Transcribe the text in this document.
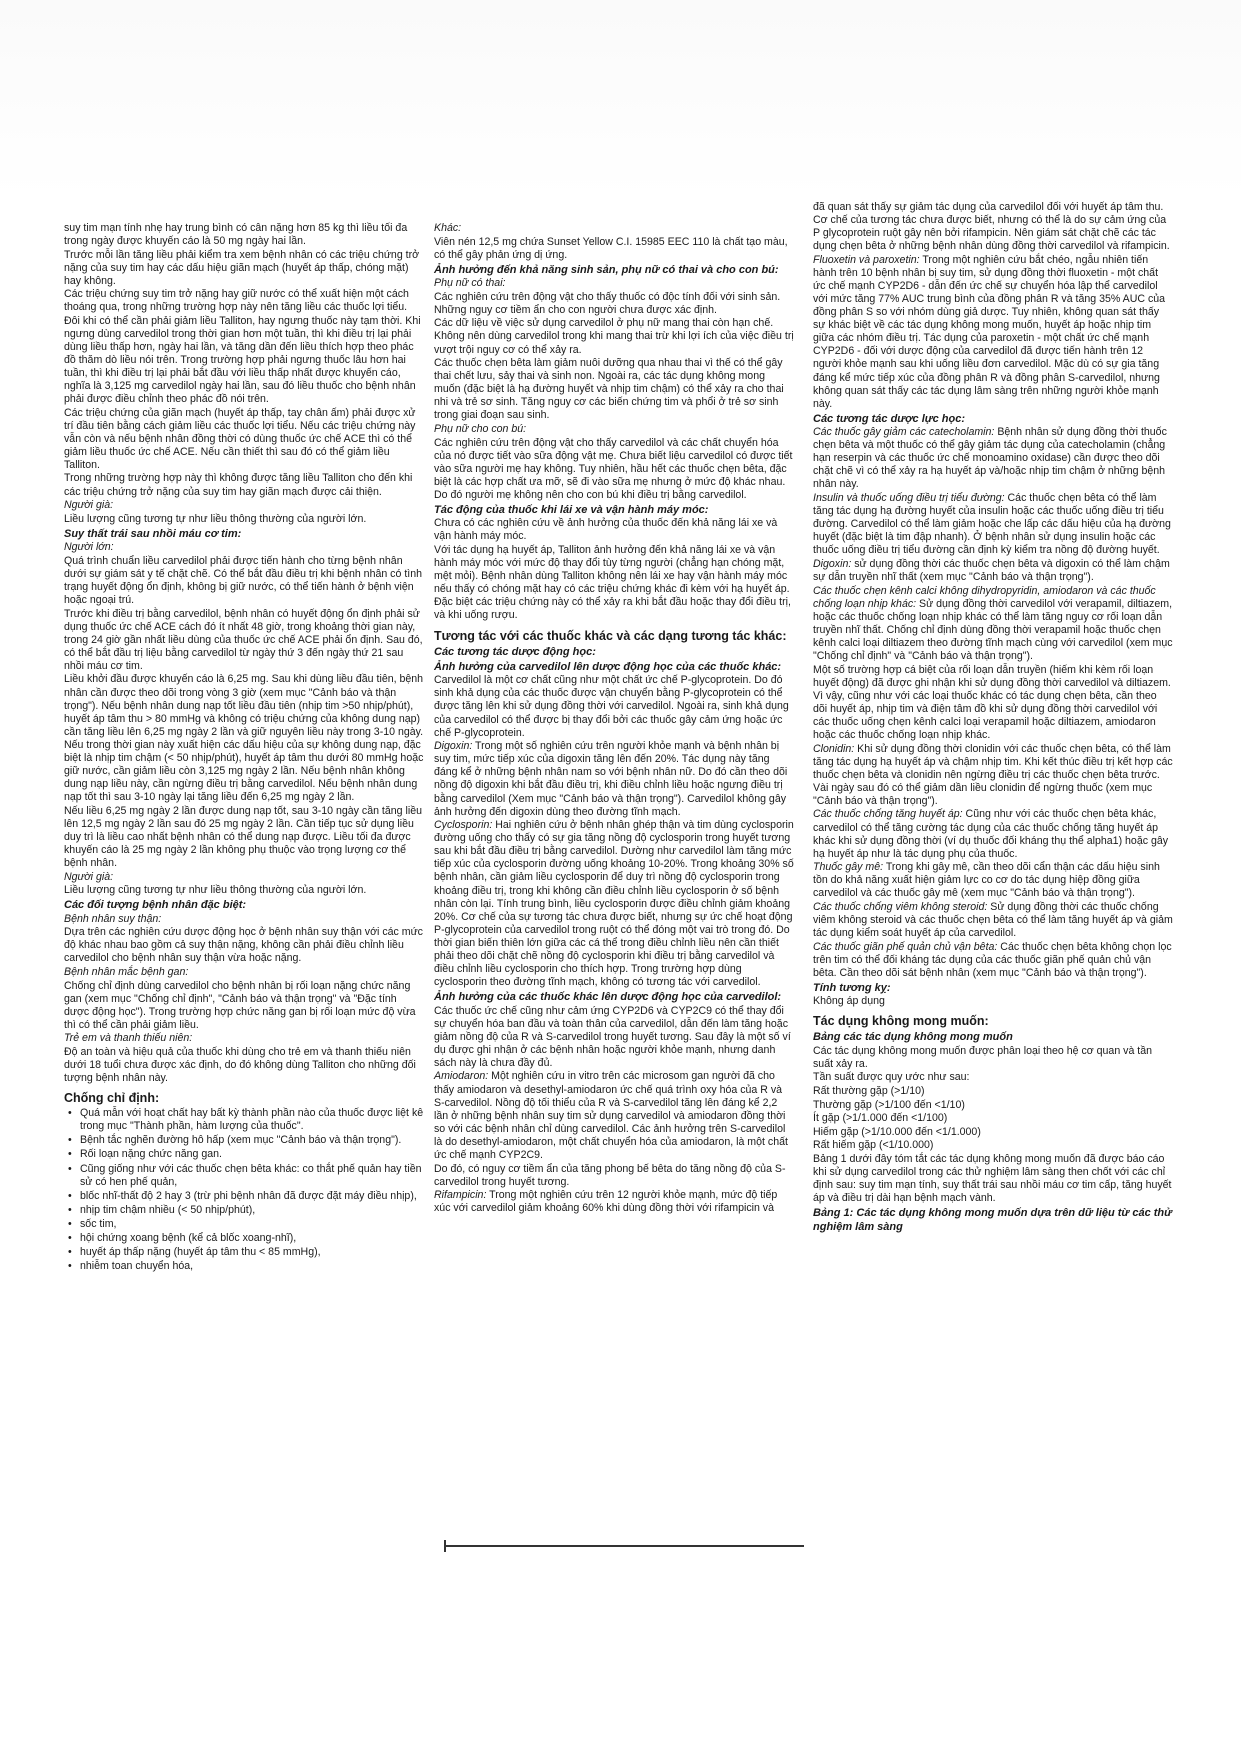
suy tim mạn tính nhẹ hay trung bình có cân nặng hơn 85 kg thì liều tối đa trong ngày được khuyến cáo là 50 mg ngày hai lần.

Trước mỗi lần tăng liều phải kiểm tra xem bệnh nhân có các triệu chứng trở nặng của suy tim hay các dấu hiệu giãn mạch (huyết áp thấp, chóng mặt) hay không.

Các triệu chứng suy tim trở nặng hay giữ nước có thể xuất hiện một cách thoáng qua, trong những trường hợp này nên tăng liều các thuốc lợi tiểu. Đôi khi có thể cần phải giảm liều Talliton, hay ngưng thuốc này tạm thời. Khi ngưng dùng carvedilol trong thời gian hơn một tuần, thì khi điều trị lại phải dùng liều thấp hơn, ngày hai lần, và tăng dần đến liều thích hợp theo phác đồ thăm dò liều nói trên. Trong trường hợp phải ngưng thuốc lâu hơn hai tuần, thì khi điều trị lại phải bắt đầu với liều thấp nhất được khuyến cáo, nghĩa là 3,125 mg carvedilol ngày hai lần, sau đó liều thuốc cho bệnh nhân phải được điều chỉnh theo phác đồ nói trên.

Các triệu chứng của giãn mạch (huyết áp thấp, tay chân ấm) phải được xử trí đầu tiên bằng cách giảm liều các thuốc lợi tiểu. Nếu các triệu chứng này vẫn còn và nếu bệnh nhân đồng thời có dùng thuốc ức chế ACE thì có thể giảm liều thuốc ức chế ACE. Nếu cần thiết thì sau đó có thể giảm liều Talliton.

Trong những trường hợp này thì không được tăng liều Talliton cho đến khi các triệu chứng trở nặng của suy tim hay giãn mạch được cải thiện.

Người già:

Liều lượng cũng tương tự như liều thông thường của người lớn.

Suy thất trái sau nhồi máu cơ tim:

Người lớn:

Quá trình chuẩn liều carvedilol phải được tiến hành cho từng bệnh nhân dưới sự giám sát y tế chặt chẽ. Có thể bắt đầu điều trị khi bệnh nhân có tình trạng huyết động ổn định, không bị giữ nước, có thể tiến hành ở bệnh viện hoặc ngoại trú.

Trước khi điều trị bằng carvedilol, bệnh nhân có huyết động ổn định phải sử dụng thuốc ức chế ACE cách đó ít nhất 48 giờ, trong khoảng thời gian này, trong 24 giờ gần nhất liều dùng của thuốc ức chế ACE phải ổn định. Sau đó, có thể bắt đầu trị liệu bằng carvedilol từ ngày thứ 3 đến ngày thứ 21 sau nhồi máu cơ tim.

Liều khởi đầu được khuyến cáo là 6,25 mg. Sau khi dùng liều đầu tiên, bệnh nhân cần được theo dõi trong vòng 3 giờ (xem mục "Cảnh báo và thận trọng"). Nếu bệnh nhân dung nạp tốt liều đầu tiên (nhịp tim >50 nhịp/phút), huyết áp tâm thu > 80 mmHg và không có triệu chứng của không dung nạp) cần tăng liều lên 6,25 mg ngày 2 lần và giữ nguyên liều này trong 3-10 ngày. Nếu trong thời gian này xuất hiện các dấu hiệu của sự không dung nạp, đặc biệt là nhịp tim chậm (< 50 nhịp/phút), huyết áp tâm thu dưới 80 mmHg hoặc giữ nước, cần giảm liều còn 3,125 mg ngày 2 lần. Nếu bệnh nhân không dung nạp liều này, cần ngừng điều trị bằng carvedilol. Nếu bệnh nhân dung nạp tốt thì sau 3-10 ngày lại tăng liều đến 6,25 mg ngày 2 lần.

Nếu liều 6,25 mg ngày 2 lần được dung nạp tốt, sau 3-10 ngày cần tăng liều lên 12,5 mg ngày 2 lần sau đó 25 mg ngày 2 lần. Cần tiếp tục sử dụng liều duy trì là liều cao nhất bệnh nhân có thể dung nạp được. Liều tối đa được khuyến cáo là 25 mg ngày 2 lần không phụ thuộc vào trọng lượng cơ thể bệnh nhân.

Người già:

Liều lượng cũng tương tự như liều thông thường của người lớn.

Các đối tượng bệnh nhân đặc biệt:

Bệnh nhân suy thận:

Dựa trên các nghiên cứu dược động học ở bệnh nhân suy thận với các mức độ khác nhau bao gồm cả suy thận nặng, không cần phải điều chỉnh liều carvedilol cho bệnh nhân suy thận vừa hoặc nặng.

Bệnh nhân mắc bệnh gan:

Chống chỉ định dùng carvedilol cho bệnh nhân bị rối loạn nặng chức năng gan (xem mục "Chống chỉ định", "Cảnh báo và thận trọng" và "Đặc tính dược động học"). Trong trường hợp chức năng gan bị rối loạn mức độ vừa thì có thể cần phải giảm liều.

Trẻ em và thanh thiếu niên:

Độ an toàn và hiệu quả của thuốc khi dùng cho trẻ em và thanh thiếu niên dưới 18 tuổi chưa được xác định, do đó không dùng Talliton cho những đối tượng bệnh nhân này.

Chống chỉ định:
• Quá mẫn với hoạt chất hay bất kỳ thành phần nào của thuốc được liệt kê trong mục "Thành phần, hàm lượng của thuốc".
• Bệnh tắc nghẽn đường hô hấp (xem mục "Cảnh báo và thận trọng").
• Rối loạn nặng chức năng gan.
• Cũng giống như với các thuốc chẹn bêta khác: co thắt phế quản hay tiền sử có hen phế quản,
• blốc nhĩ-thất độ 2 hay 3 (trừ phi bệnh nhân đã được đặt máy điều nhịp),
• nhịp tim chậm nhiều (< 50 nhịp/phút),
• sốc tim,
• hội chứng xoang bệnh (kể cả blốc xoang-nhĩ),
• huyết áp thấp nặng (huyết áp tâm thu < 85 mmHg),
• nhiễm toan chuyển hóa,

Khác:

Viên nén 12,5 mg chứa Sunset Yellow C.I. 15985 EEC 110 là chất tạo màu, có thể gây phản ứng dị ứng.

Ảnh hưởng đến khả năng sinh sản, phụ nữ có thai và cho con bú:

Phụ nữ có thai:

Các nghiên cứu trên động vật cho thấy thuốc có độc tính đối với sinh sản. Những nguy cơ tiềm ẩn cho con người chưa được xác định.

Các dữ liệu về việc sử dụng carvedilol ở phụ nữ mang thai còn hạn chế. Không nên dùng carvedilol trong khi mang thai trừ khi lợi ích của việc điều trị vượt trội nguy cơ có thể xảy ra.

Các thuốc chẹn bêta làm giảm nuôi dưỡng qua nhau thai vì thế có thể gây thai chết lưu, sảy thai và sinh non. Ngoài ra, các tác dụng không mong muốn (đặc biệt là hạ đường huyết và nhịp tim chậm) có thể xảy ra cho thai nhi và trẻ sơ sinh. Tăng nguy cơ các biến chứng tim và phổi ở trẻ sơ sinh trong giai đoạn sau sinh.

Phụ nữ cho con bú:

Các nghiên cứu trên động vật cho thấy carvedilol và các chất chuyển hóa của nó được tiết vào sữa động vật mẹ. Chưa biết liệu carvedilol có được tiết vào sữa người mẹ hay không. Tuy nhiên, hầu hết các thuốc chẹn bêta, đặc biệt là các hợp chất ưa mỡ, sẽ đi vào sữa mẹ nhưng ở mức độ khác nhau. Do đó người mẹ không nên cho con bú khi điều trị bằng carvedilol.

Tác động của thuốc khi lái xe và vận hành máy móc:

Chưa có các nghiên cứu về ảnh hưởng của thuốc đến khả năng lái xe và vận hành máy móc.

Với tác dụng hạ huyết áp, Talliton ảnh hưởng đến khả năng lái xe và vận hành máy móc với mức độ thay đổi tùy từng người (chẳng hạn chóng mặt, mệt mỏi). Bệnh nhân dùng Talliton không nên lái xe hay vận hành máy móc nếu thấy có chóng mặt hay có các triệu chứng khác đi kèm với hạ huyết áp. Đặc biệt các triệu chứng này có thể xảy ra khi bắt đầu hoặc thay đổi điều trị, và khi uống rượu.

Tương tác với các thuốc khác và các dạng tương tác khác:
Các tương tác dược động học:
Ảnh hưởng của carvedilol lên dược động học của các thuốc khác:

Carvedilol là một cơ chất cũng như một chất ức chế P-glycoprotein. Do đó sinh khả dụng của các thuốc được vận chuyển bằng P-glycoprotein có thể được tăng lên khi sử dụng đồng thời với carvedilol. Ngoài ra, sinh khả dụng của carvedilol có thể được bị thay đổi bởi các thuốc gây cảm ứng hoặc ức chế P-glycoprotein.

Digoxin: Trong một số nghiên cứu trên người khỏe mạnh và bệnh nhân bị suy tim, mức tiếp xúc của digoxin tăng lên đến 20%. Tác dụng này tăng đáng kể ở những bệnh nhân nam so với bệnh nhân nữ. Do đó cần theo dõi nồng độ digoxin khi bắt đầu điều trị, khi điều chỉnh liều hoặc ngưng điều trị bằng carvedilol (Xem mục "Cảnh báo và thận trọng"). Carvedilol không gây ảnh hưởng đến digoxin dùng theo đường tĩnh mạch.

Cyclosporin: Hai nghiên cứu ở bệnh nhân ghép thận và tim dùng cyclosporin đường uống cho thấy có sự gia tăng nồng độ cyclosporin trong huyết tương sau khi bắt đầu điều trị bằng carvedilol. Dường như carvedilol làm tăng mức tiếp xúc của cyclosporin đường uống khoảng 10-20%. Trong khoảng 30% số bệnh nhân, cần giảm liều cyclosporin để duy trì nồng độ cyclosporin trong khoảng điều trị, trong khi không cần điều chỉnh liều cyclosporin ở số bệnh nhân còn lại. Tính trung bình, liều cyclosporin được điều chỉnh giảm khoảng 20%. Cơ chế của sự tương tác chưa được biết, nhưng sự ức chế hoạt động P-glycoprotein của carvedilol trong ruột có thể đóng một vai trò trong đó. Do thời gian biến thiên lớn giữa các cá thể trong điều chỉnh liều nên cần thiết phải theo dõi chặt chẽ nồng độ cyclosporin khi điều trị bằng carvedilol và điều chỉnh liều cyclosporin cho thích hợp. Trong trường hợp dùng cyclosporin theo đường tĩnh mạch, không có tương tác với carvedilol.

Ảnh hưởng của các thuốc khác lên dược động học của carvedilol:

Các thuốc ức chế cũng như cảm ứng CYP2D6 và CYP2C9 có thể thay đổi sự chuyển hóa ban đầu và toàn thân của carvedilol, dẫn đến làm tăng hoặc giảm nồng độ của R và S-carvedilol trong huyết tương. Sau đây là một số ví dụ được ghi nhận ở các bệnh nhân hoặc người khỏe mạnh, nhưng danh sách này là chưa đầy đủ.

Amiodaron: Một nghiên cứu in vitro trên các microsom gan người đã cho thấy amiodaron và desethyl-amiodaron ức chế quá trình oxy hóa của R và S-carvedilol. Nồng độ tối thiểu của R và S-carvedilol tăng lên đáng kể 2,2 lần ở những bệnh nhân suy tim sử dụng carvedilol và amiodaron đồng thời so với các bệnh nhân chỉ dùng carvedilol. Các ảnh hưởng trên S-carvedilol là do desethyl-amiodaron, một chất chuyển hóa của amiodaron, là một chất ức chế mạnh CYP2C9.

Do đó, có nguy cơ tiềm ẩn của tăng phong bế bêta do tăng nồng độ của S-carvedilol trong huyết tương.

Rifampicin: Trong một nghiên cứu trên 12 người khỏe mạnh, mức độ tiếp xúc với carvedilol giảm khoảng 60% khi dùng đồng thời với rifampicin và

đã quan sát thấy sự giảm tác dụng của carvedilol đối với huyết áp tâm thu. Cơ chế của tương tác chưa được biết, nhưng có thể là do sự cảm ứng của P glycoprotein ruột gây nên bởi rifampicin. Nên giám sát chặt chẽ các tác dụng chẹn bêta ở những bệnh nhân dùng đồng thời carvedilol và rifampicin.

Fluoxetin và paroxetin: Trong một nghiên cứu bắt chéo, ngẫu nhiên tiến hành trên 10 bệnh nhân bị suy tim, sử dụng đồng thời fluoxetin - một chất ức chế mạnh CYP2D6 - dẫn đến ức chế sự chuyển hóa lập thể carvedilol với mức tăng 77% AUC trung bình của đồng phân R và tăng 35% AUC của đồng phân S so với nhóm dùng giả dược. Tuy nhiên, không quan sát thấy sự khác biệt về các tác dụng không mong muốn, huyết áp hoặc nhịp tim giữa các nhóm điều trị. Tác dụng của paroxetin - một chất ức chế mạnh CYP2D6 - đối với dược động của carvedilol đã được tiến hành trên 12 người khỏe mạnh sau khi uống liều đơn carvedilol. Mặc dù có sự gia tăng đáng kể mức tiếp xúc của đồng phân R và đồng phân S-carvedilol, nhưng không quan sát thấy các tác dụng lâm sàng trên những người khỏe mạnh này.

Các tương tác dược lực học:

Các thuốc gây giảm các catecholamin: Bệnh nhân sử dụng đồng thời thuốc chẹn bêta và một thuốc có thể gây giảm tác dụng của catecholamin (chẳng hạn reserpin và các thuốc ức chế monoamino oxidase) cần được theo dõi chặt chẽ vì có thể xảy ra hạ huyết áp và/hoặc nhịp tim chậm ở những bệnh nhân này.

Insulin và thuốc uống điều trị tiểu đường: Các thuốc chẹn bêta có thể làm tăng tác dụng hạ đường huyết của insulin hoặc các thuốc uống điều trị tiểu đường. Carvedilol có thể làm giảm hoặc che lấp các dấu hiệu của hạ đường huyết (đặc biệt là tim đập nhanh). Ở bệnh nhân sử dụng insulin hoặc các thuốc uống điều trị tiểu đường cần định kỳ kiểm tra nồng độ đường huyết.

Digoxin: sử dụng đồng thời các thuốc chẹn bêta và digoxin có thể làm chậm sự dẫn truyền nhĩ thất (xem mục "Cảnh báo và thận trọng").

Các thuốc chẹn kênh calci không dihydropyridin, amiodaron và các thuốc chống loạn nhịp khác: Sử dụng đồng thời carvedilol với verapamil, diltiazem, hoặc các thuốc chống loạn nhịp khác có thể làm tăng nguy cơ rối loạn dẫn truyền nhĩ thất. Chống chỉ định dùng đồng thời verapamil hoặc thuốc chẹn kênh calci loại diltiazem theo đường tĩnh mạch cùng với carvedilol (xem mục "Chống chỉ định" và "Cảnh báo và thận trọng").

Một số trường hợp cá biệt của rối loạn dẫn truyền (hiếm khi kèm rối loạn huyết động) đã được ghi nhận khi sử dụng đồng thời carvedilol và diltiazem. Vì vậy, cũng như với các loại thuốc khác có tác dụng chẹn bêta, cần theo dõi huyết áp, nhịp tim và điện tâm đồ khi sử dụng đồng thời carvedilol với các thuốc uống chẹn kênh calci loại verapamil hoặc diltiazem, amiodaron hoặc các thuốc chống loạn nhịp khác.

Clonidin: Khi sử dụng đồng thời clonidin với các thuốc chẹn bêta, có thể làm tăng tác dụng hạ huyết áp và chậm nhịp tim. Khi kết thúc điều trị kết hợp các thuốc chẹn bêta và clonidin nên ngừng điều trị các thuốc chẹn bêta trước. Vài ngày sau đó có thể giảm dần liều clonidin để ngừng thuốc (xem mục "Cảnh báo và thận trọng").

Các thuốc chống tăng huyết áp: Cũng như với các thuốc chẹn bêta khác, carvedilol có thể tăng cường tác dụng của các thuốc chống tăng huyết áp khác khi sử dụng đồng thời (ví dụ thuốc đối kháng thụ thể alpha1) hoặc gây hạ huyết áp như là tác dụng phụ của thuốc.

Thuốc gây mê: Trong khi gây mê, cần theo dõi cẩn thận các dấu hiệu sinh tồn do khả năng xuất hiện giảm lực co cơ do tác dụng hiệp đồng giữa carvedilol và các thuốc gây mê (xem mục "Cảnh báo và thận trọng").

Các thuốc chống viêm không steroid: Sử dụng đồng thời các thuốc chống viêm không steroid và các thuốc chẹn bêta có thể làm tăng huyết áp và giảm tác dụng kiểm soát huyết áp của carvedilol.

Các thuốc giãn phế quản chủ vận bêta: Các thuốc chẹn bêta không chọn lọc trên tim có thể đối kháng tác dụng của các thuốc giãn phế quản chủ vận bêta. Cần theo dõi sát bệnh nhân (xem mục "Cảnh báo và thận trọng").

Tính tương kỵ:

Không áp dụng

Tác dụng không mong muốn:
Bảng các tác dụng không mong muốn

Các tác dụng không mong muốn được phân loại theo hệ cơ quan và tần suất xảy ra.

Tần suất được quy ước như sau:

Rất thường gặp (>1/10)

Thường gặp (>1/100 đến <1/10)

Ít gặp (>1/1.000 đến <1/100)

Hiếm gặp (>1/10.000 đến <1/1.000)

Rất hiếm gặp (<1/10.000)

Bảng 1 dưới đây tóm tắt các tác dụng không mong muốn đã được báo cáo khi sử dụng carvedilol trong các thử nghiệm lâm sàng then chốt với các chỉ định sau: suy tim mạn tính, suy thất trái sau nhồi máu cơ tim cấp, tăng huyết áp và điều trị dài hạn bệnh mạch vành.

Bảng 1: Các tác dụng không mong muốn dựa trên dữ liệu từ các thử nghiệm lâm sàng
